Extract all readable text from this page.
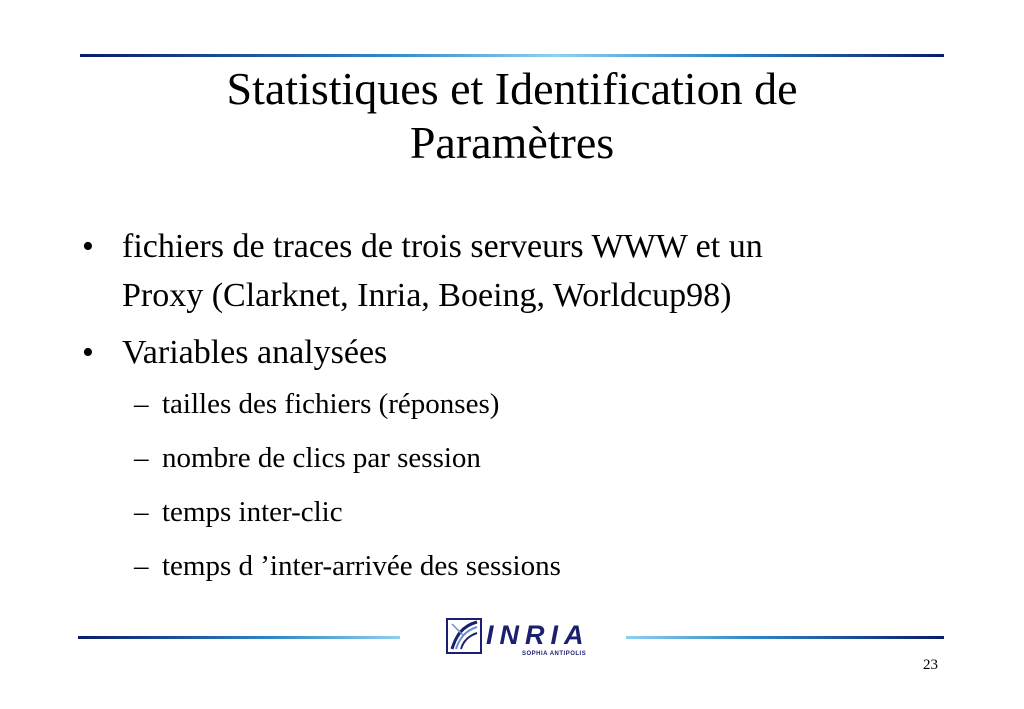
Statistiques et Identification de
Paramètres
• fichiers de traces de trois serveurs WWW et un
Proxy (Clarknet, Inria, Boeing, Worldcup98)
• Variables analysées
– tailles des fichiers (réponses)
– nombre de clics par session
– temps inter-clic
– temps d ’inter-arrivée des sessions
INRIA
SOPHIA ANTIPOLIS
23
